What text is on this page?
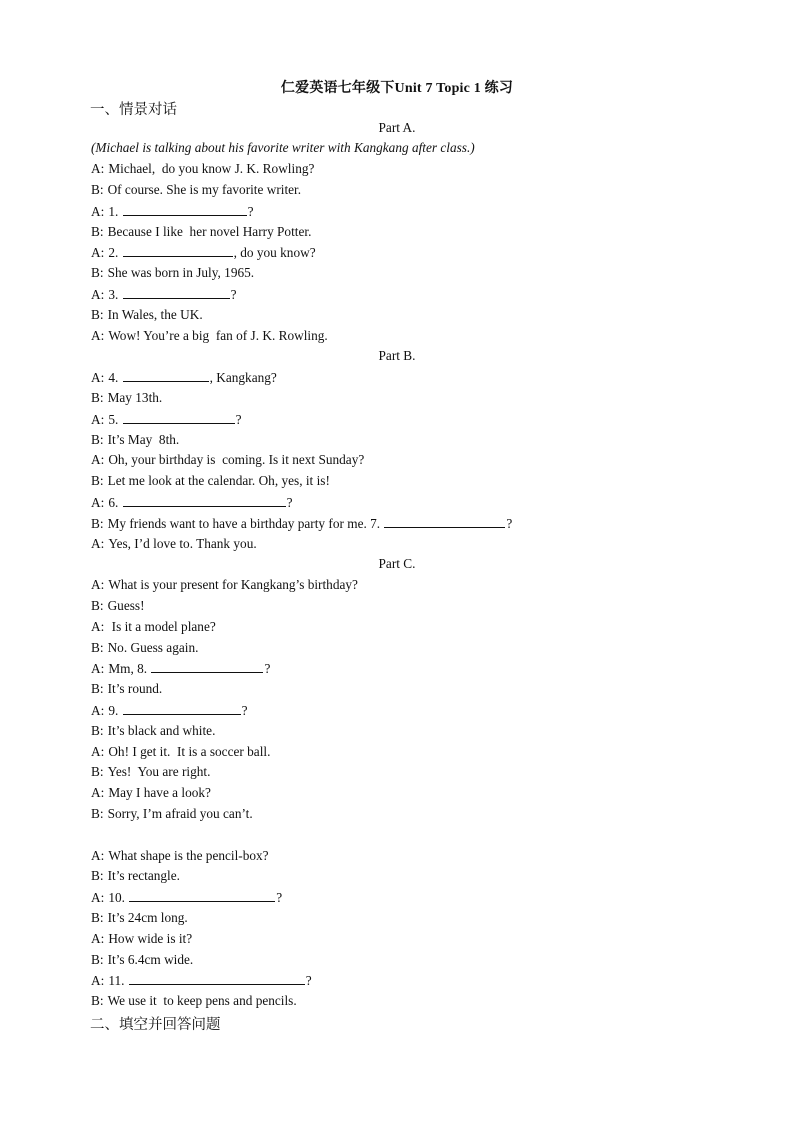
仁爱英语七年级下Unit 7 Topic 1 练习
一、情景对话
Part A.
(Michael is talking about his favorite writer with Kangkang after class.)
A: Michael,  do you know J. K. Rowling?
B: Of course. She is my favorite writer.
A: 1.	?
B: Because I like  her novel Harry Potter.
A: 2.	, do you know?
B: She was born in July, 1965.
A: 3.	?
B: In Wales, the UK.
A: Wow! You’re a big  fan of J. K. Rowling.
Part B.
A: 4.	, Kangkang?
B: May 13th.
A: 5.	?
B: It’s May  8th.
A: Oh, your birthday is  coming. Is it next Sunday?
B: Let me look at the calendar. Oh, yes, it is!
A: 6.	?
B: My friends want to have a birthday party for me. 7.	?
A: Yes, I’d love to. Thank you.
Part C.
A: What is your present for Kangkang’s birthday?
B: Guess!
A: Is it a model plane?
B: No. Guess again.
A: Mm, 8.	?
B: It’s round.
A: 9.	?
B: It’s black and white.
A: Oh! I get it.  It is a soccer ball.
B: Yes!  You are right.
A: May I have a look?
B: Sorry, I’m afraid you can’t.
A: What shape is the pencil-box?
B: It’s rectangle.
A: 10.	?
B: It’s 24cm long.
A: How wide is it?
B: It’s 6.4cm wide.
A: 11.	?
B: We use it  to keep pens and pencils.
二、填空并回答问题
